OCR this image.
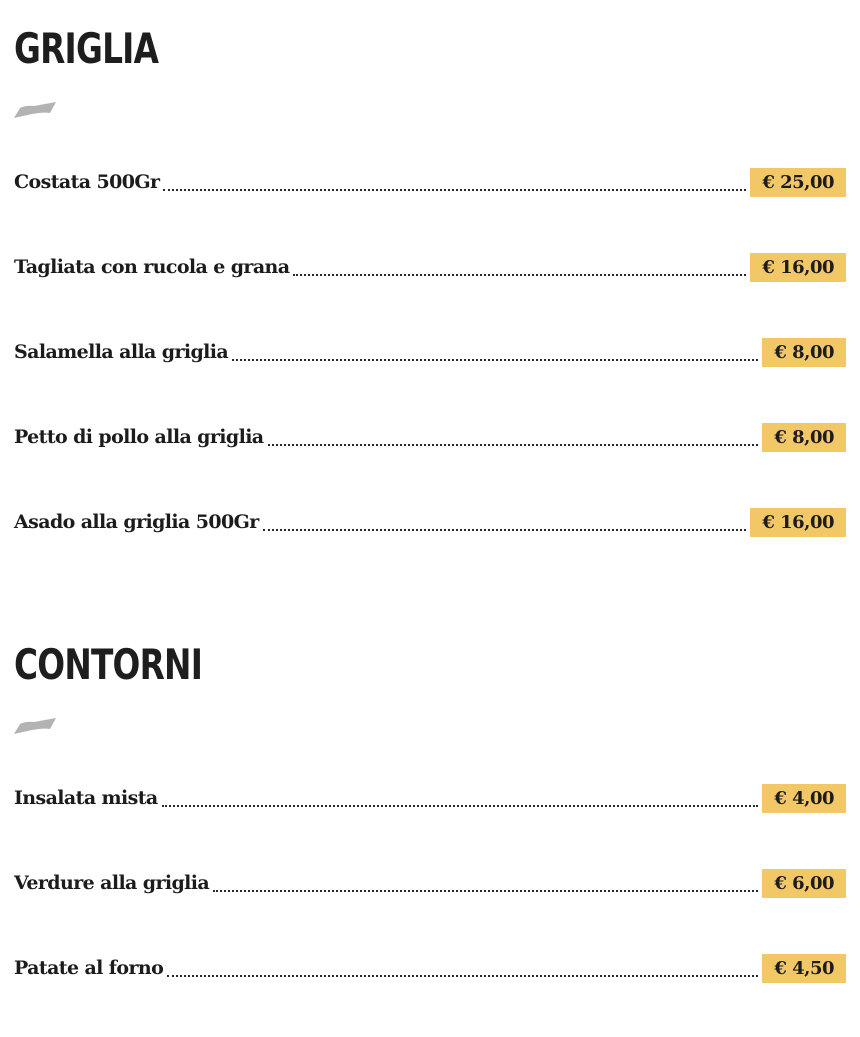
GRIGLIA
Costata 500Gr	€ 25,00
Tagliata con rucola e grana	€ 16,00
Salamella alla griglia	€ 8,00
Petto di pollo alla griglia	€ 8,00
Asado alla griglia 500Gr	€ 16,00
CONTORNI
Insalata mista	€ 4,00
Verdure alla griglia	€ 6,00
Patate al forno	€ 4,50
